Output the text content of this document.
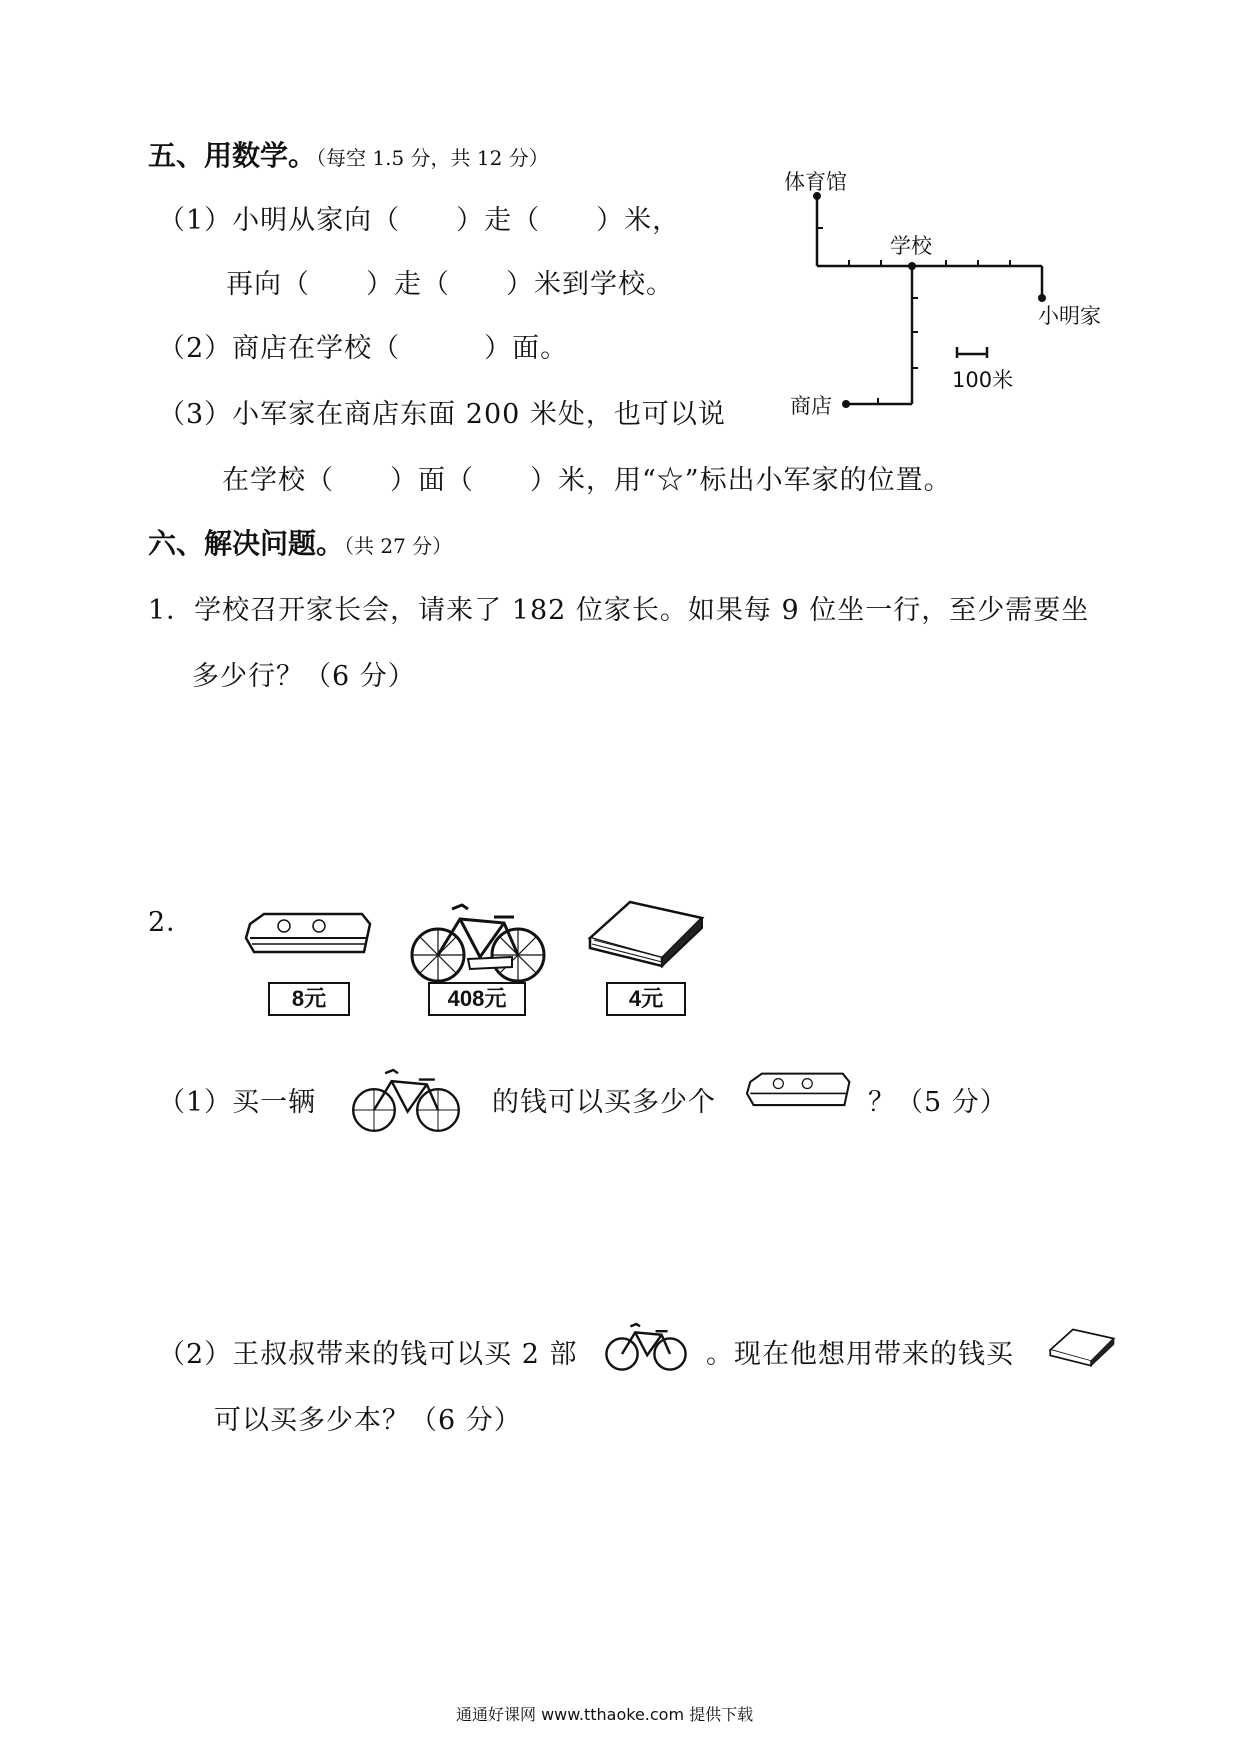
五、用数学。（每空 1.5 分，共 12 分）
（1）小明从家向（　　）走（　　）米，
再向（　　）走（　　）米到学校。
（2）商店在学校（　　　）面。
（3）小军家在商店东面 200 米处，也可以说
在学校（　　）面（　　）米，用“☆”标出小军家的位置。
体育馆
学校
小明家
商店
100米
六、解决问题。（共 27 分）
1．学校召开家长会，请来了 182 位家长。如果每 9 位坐一行，至少需要坐
多少行？（6 分）
2．
8元	408元	4元
（1）买一辆	的钱可以买多少个	？（5 分）
（2）王叔叔带来的钱可以买 2 部	。现在他想用带来的钱买
可以买多少本？（6 分）
通通好课网 www.tthaoke.com 提供下载
